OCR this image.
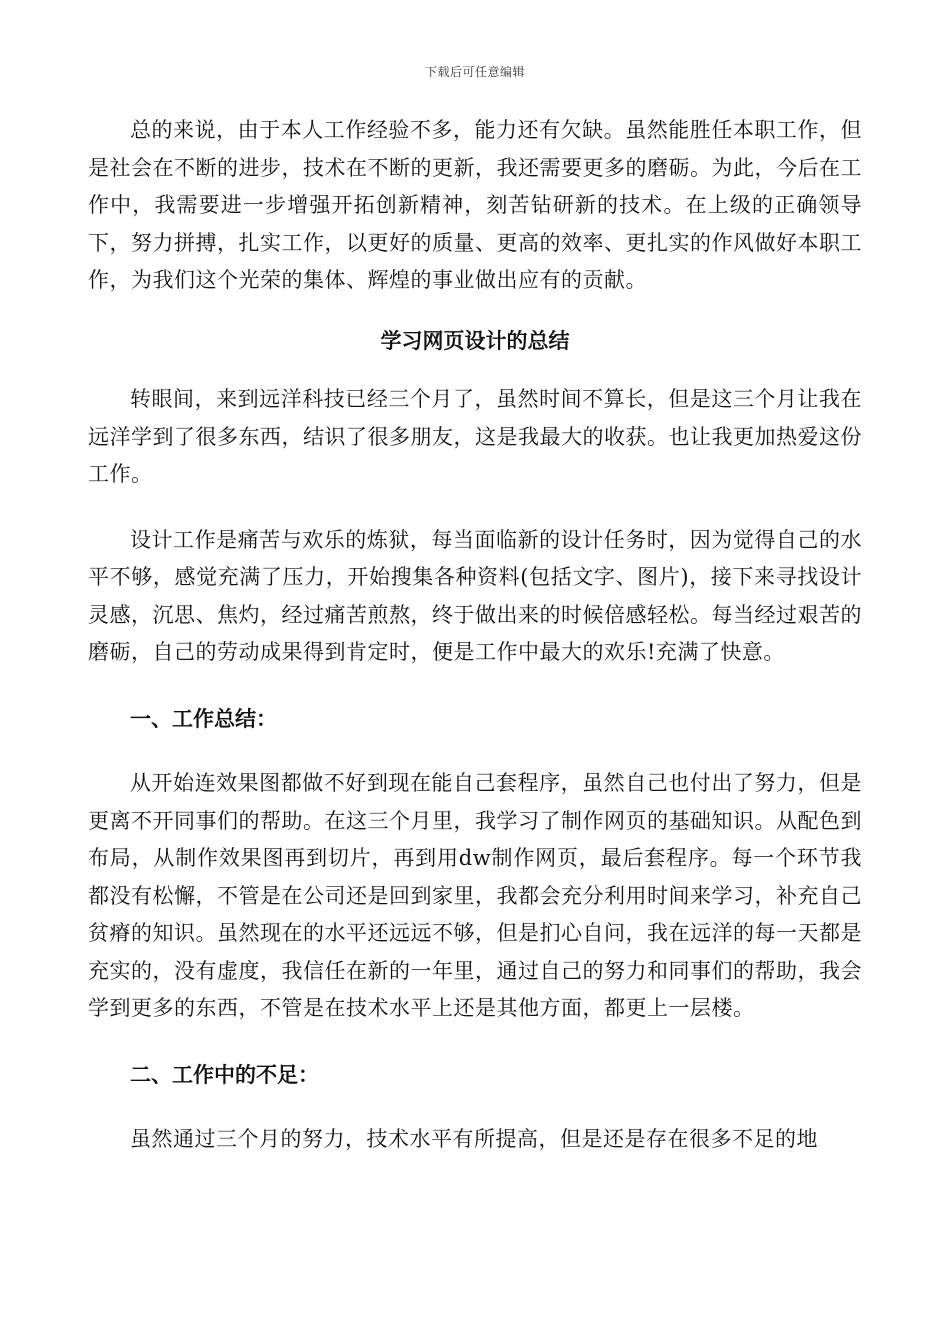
下载后可任意编辑

总的来说，由于本人工作经验不多，能力还有欠缺。虽然能胜任本职工作，但是社会在不断的进步，技术在不断的更新，我还需要更多的磨砺。为此，今后在工作中，我需要进一步增强开拓创新精神，刻苦钻研新的技术。在上级的正确领导下，努力拼搏，扎实工作，以更好的质量、更高的效率、更扎实的作风做好本职工作，为我们这个光荣的集体、辉煌的事业做出应有的贡献。

学习网页设计的总结

转眼间，来到远洋科技已经三个月了，虽然时间不算长，但是这三个月让我在远洋学到了很多东西，结识了很多朋友，这是我最大的收获。也让我更加热爱这份工作。

设计工作是痛苦与欢乐的炼狱，每当面临新的设计任务时，因为觉得自己的水平不够，感觉充满了压力，开始搜集各种资料(包括文字、图片)，接下来寻找设计灵感，沉思、焦灼，经过痛苦煎熬，终于做出来的时候倍感轻松。每当经过艰苦的磨砺，自己的劳动成果得到肯定时，便是工作中最大的欢乐!充满了快意。

一、工作总结：

从开始连效果图都做不好到现在能自己套程序，虽然自己也付出了努力，但是更离不开同事们的帮助。在这三个月里，我学习了制作网页的基础知识。从配色到布局，从制作效果图再到切片，再到用dw制作网页，最后套程序。每一个环节我都没有松懈，不管是在公司还是回到家里，我都会充分利用时间来学习，补充自己贫瘠的知识。虽然现在的水平还远远不够，但是扪心自问，我在远洋的每一天都是充实的，没有虚度，我信任在新的一年里，通过自己的努力和同事们的帮助，我会学到更多的东西，不管是在技术水平上还是其他方面，都更上一层楼。

二、工作中的不足：

虽然通过三个月的努力，技术水平有所提高，但是还是存在很多不足的地
